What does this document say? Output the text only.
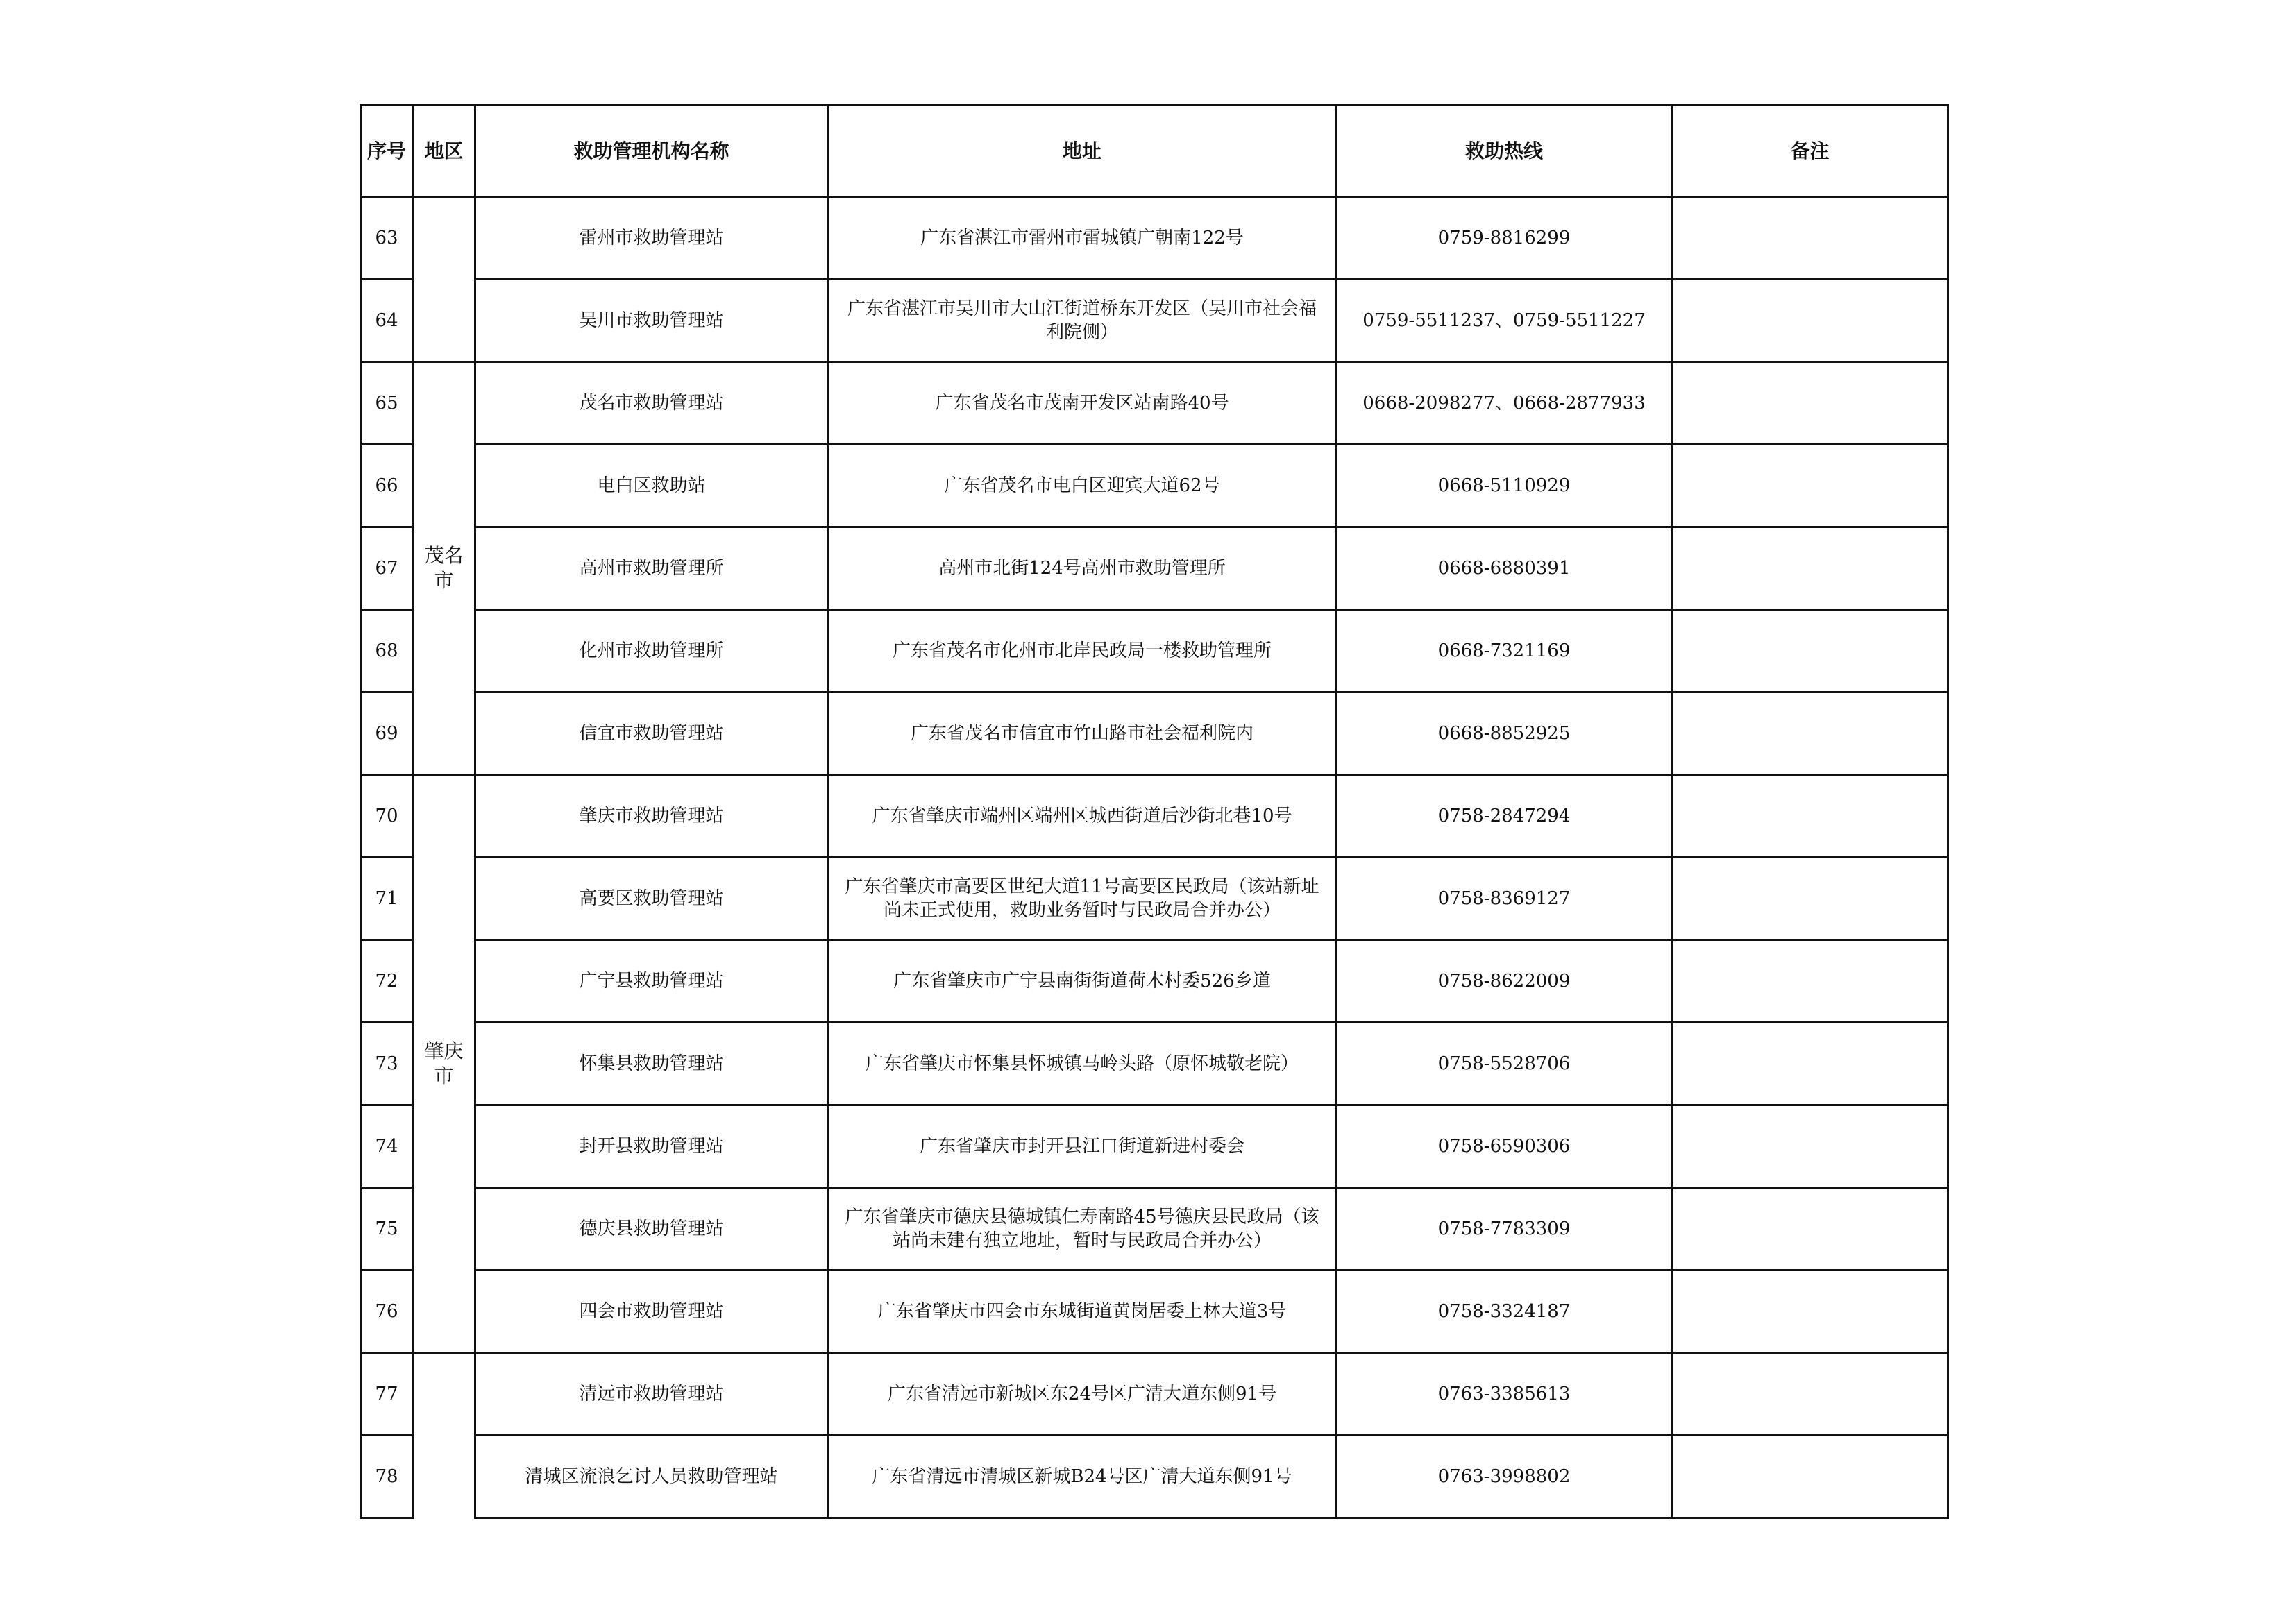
序号	地区	救助管理机构名称	地址	救助热线	备注
63		雷州市救助管理站	广东省湛江市雷州市雷城镇广朝南122号	0759-8816299	
64		吴川市救助管理站	广东省湛江市吴川市大山江街道桥东开发区（吴川市社会福利院侧）	0759-5511237、0759-5511227	
65	茂名市	茂名市救助管理站	广东省茂名市茂南开发区站南路40号	0668-2098277、0668-2877933	
66		电白区救助站	广东省茂名市电白区迎宾大道62号	0668-5110929	
67		高州市救助管理所	高州市北街124号高州市救助管理所	0668-6880391	
68		化州市救助管理所	广东省茂名市化州市北岸民政局一楼救助管理所	0668-7321169	
69		信宜市救助管理站	广东省茂名市信宜市竹山路市社会福利院内	0668-8852925	
70	肇庆市	肇庆市救助管理站	广东省肇庆市端州区端州区城西街道后沙街北巷10号	0758-2847294	
71		高要区救助管理站	广东省肇庆市高要区世纪大道11号高要区民政局（该站新址尚未正式使用，救助业务暂时与民政局合并办公）	0758-8369127	
72		广宁县救助管理站	广东省肇庆市广宁县南街街道荷木村委526乡道	0758-8622009	
73		怀集县救助管理站	广东省肇庆市怀集县怀城镇马岭头路（原怀城敬老院）	0758-5528706	
74		封开县救助管理站	广东省肇庆市封开县江口街道新进村委会	0758-6590306	
75		德庆县救助管理站	广东省肇庆市德庆县德城镇仁寿南路45号德庆县民政局（该站尚未建有独立地址，暂时与民政局合并办公）	0758-7783309	
76		四会市救助管理站	广东省肇庆市四会市东城街道黄岗居委上林大道3号	0758-3324187	
77		清远市救助管理站	广东省清远市新城区东24号区广清大道东侧91号	0763-3385613	
78		清城区流浪乞讨人员救助管理站	广东省清远市清城区新城B24号区广清大道东侧91号	0763-3998802	
